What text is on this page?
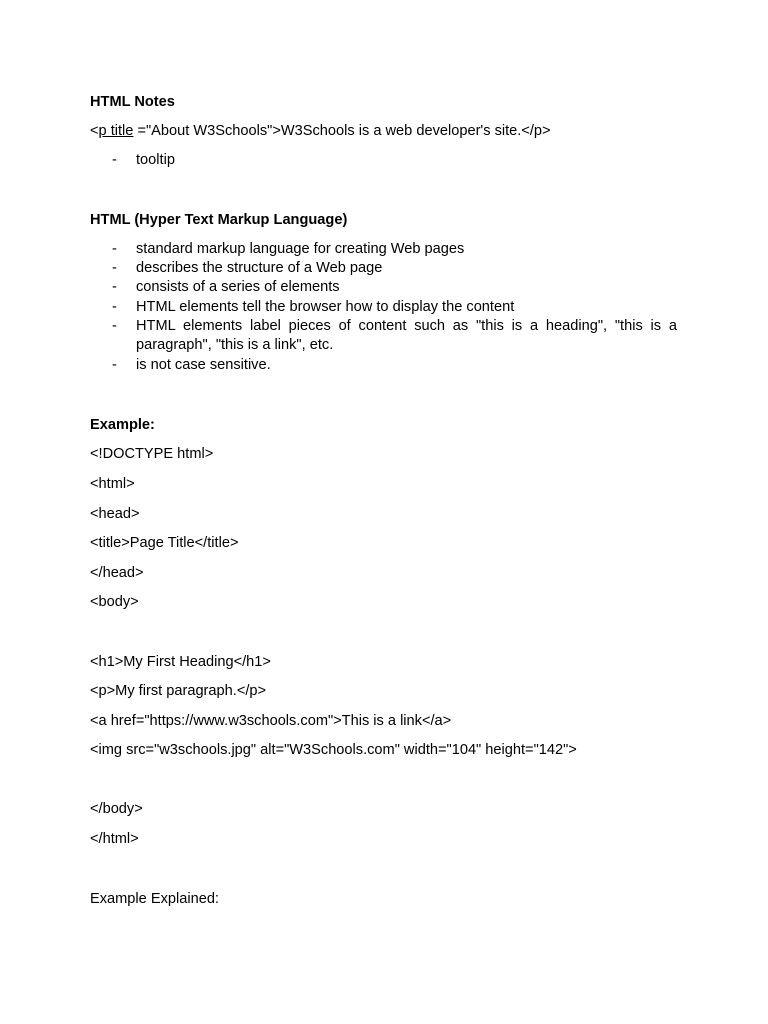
HTML Notes
<p title ="About W3Schools">W3Schools is a web developer's site.</p>
- tooltip
HTML (Hyper Text Markup Language)
- standard markup language for creating Web pages
- describes the structure of a Web page
- consists of a series of elements
- HTML elements tell the browser how to display the content
- HTML elements label pieces of content such as "this is a heading", "this is a paragraph", "this is a link", etc.
- is not case sensitive.
Example:
<!DOCTYPE html>
<html>
<head>
<title>Page Title</title>
</head>
<body>
<h1>My First Heading</h1>
<p>My first paragraph.</p>
<a href="https://www.w3schools.com">This is a link</a>
<img src="w3schools.jpg" alt="W3Schools.com" width="104" height="142">
</body>
</html>
Example Explained:
